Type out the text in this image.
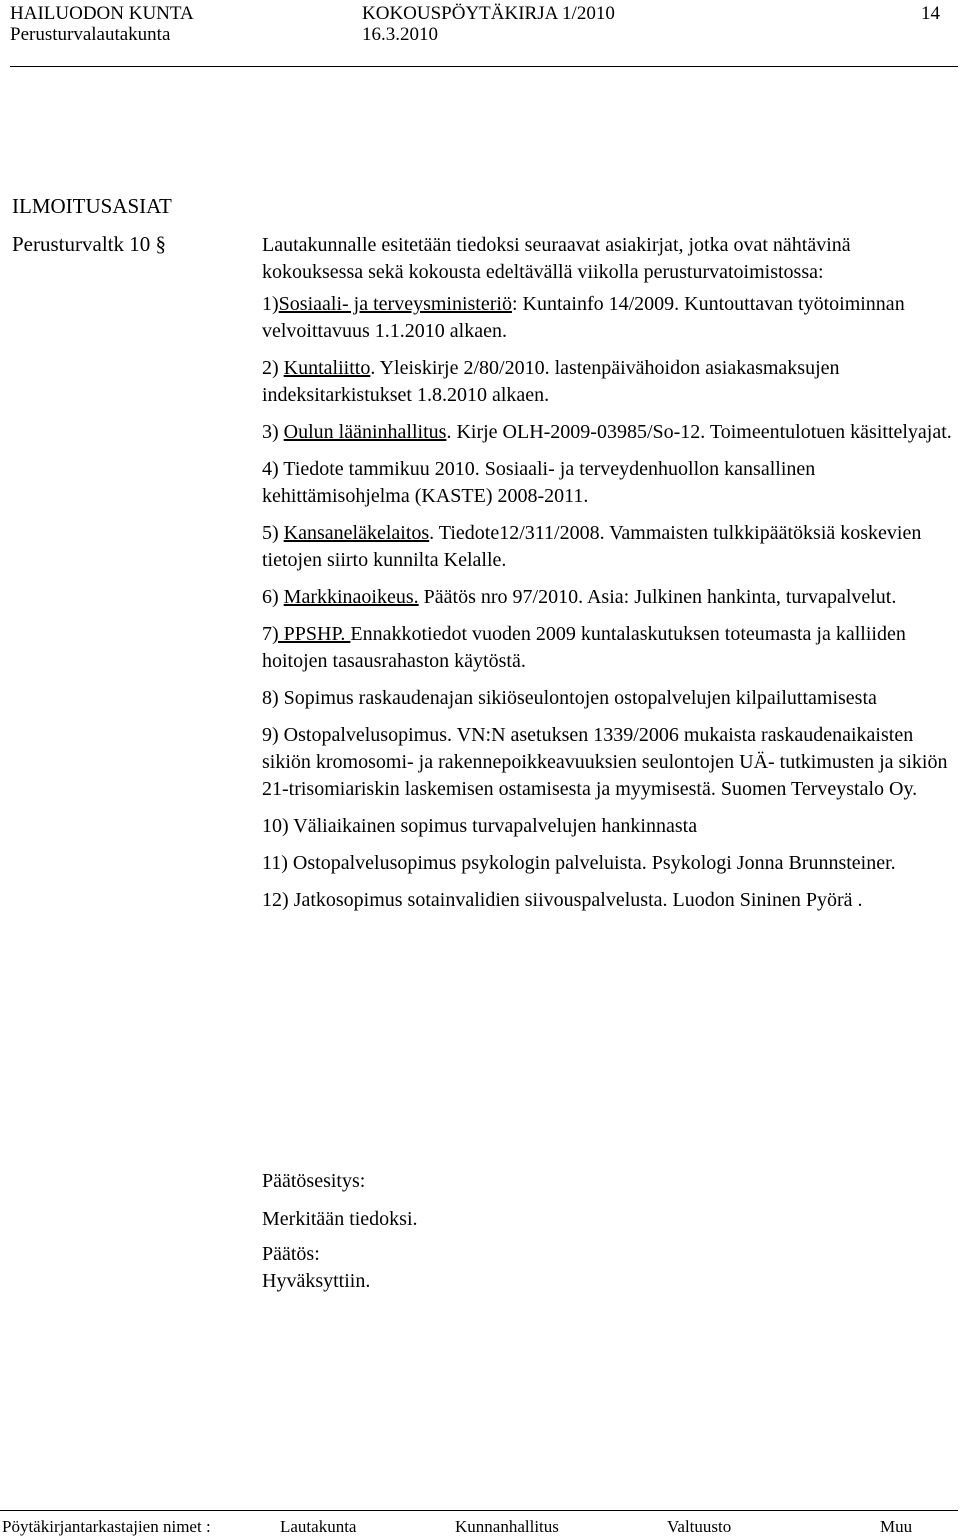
HAILUODON KUNTA	KOKOUSPÖYTÄKIRJA 1/2010	14
Perusturvalautakunta	16.3.2010
ILMOITUSASIAT
Perusturvaltk 10 §	Lautakunnalle esitetään tiedoksi seuraavat asiakirjat, jotka ovat nähtävinä kokouksessa sekä kokousta edeltävällä viikolla perusturvatoimistossa:

1)Sosiaali- ja terveysministeriö: Kuntainfo 14/2009. Kuntouttavan työtoiminnan velvoittavuus 1.1.2010 alkaen.

2) Kuntaliitto. Yleiskirje 2/80/2010. lastenpäivähoidon asiakasmaksujen indeksitarkistukset 1.8.2010 alkaen.

3) Oulun lääninhallitus. Kirje OLH-2009-03985/So-12. Toimeentulotuen käsittelyajat.

4) Tiedote tammikuu 2010. Sosiaali- ja terveydenhuollon kansallinen kehittämisohjelma (KASTE) 2008-2011.

5) Kansaneläkelaitos. Tiedote12/311/2008. Vammaisten tulkkipäätöksiä koskevien tietojen siirto kunnilta Kelalle.

6) Markkinaoikeus. Päätös nro 97/2010. Asia: Julkinen hankinta, turvapalvelut.

7) PPSHP. Ennakkotiedot vuoden 2009 kuntalaskutuksen toteumasta ja kalliiden hoitojen tasausrahaston käytöstä.

8) Sopimus raskaudenajan sikiöseulontojen ostopalvelujen kilpailuttamisesta

9) Ostopalvelusopimus. VN:N asetuksen 1339/2006 mukaista raskaudenaikaisten sikiön kromosomi- ja rakennepoikkeavuuksien seulontojen UÄ- tutkimusten ja sikiön 21-trisomiariskin laskemisen ostamisesta ja myymisestä. Suomen Terveystalo Oy.

10) Väliaikainen sopimus turvapalvelujen hankinnasta

11) Ostopalvelusopimus psykologin palveluista. Psykologi Jonna Brunnsteiner.

12) Jatkosopimus sotainvalidien siivouspalvelusta. Luodon Sininen Pyörä .

Päätösesitys:

Merkitään tiedoksi.

Päätös:

Hyväksyttiin.

Pöytäkirjantarkastajien nimet :	Lautakunta	Kunnanhallitus	Valtuusto	Muu
